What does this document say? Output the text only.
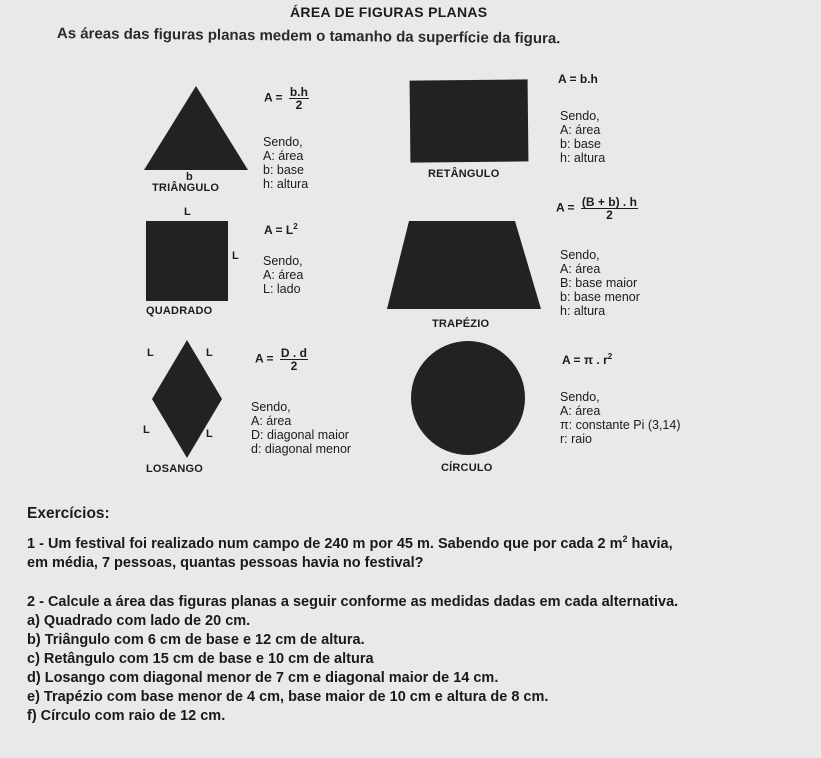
ÁREA DE FIGURAS PLANAS
As áreas das figuras planas medem o tamanho da superfície da figura.
b
TRIÂNGULO
$A = \frac{b.h}{2}$
Sendo,
A: área
b: base
h: altura
RETÂNGULO
A = b.h
Sendo,
A: área
b: base
h: altura
L
L
QUADRADO
$A = L^2$
Sendo,
A: área
L: lado
TRAPÉZIO
$A = \frac{(B + b) . h}{2}$
Sendo,
A: área
B: base maior
b: base menor
h: altura
L	L
L	L
LOSANGO
$A = \frac{D . d}{2}$
Sendo,
A: área
D: diagonal maior
d: diagonal menor
CÍRCULO
A = π . $r^2$
Sendo,
A: área
π: constante Pi (3,14)
r: raio
Exercícios:
1 - Um festival foi realizado num campo de 240 m por 45 m. Sabendo que por cada 2 $m^2$ havia,
em média, 7 pessoas, quantas pessoas havia no festival?
2 - Calcule a área das figuras planas a seguir conforme as medidas dadas em cada alternativa.
a) Quadrado com lado de 20 cm.
b) Triângulo com 6 cm de base e 12 cm de altura.
c) Retângulo com 15 cm de base e 10 cm de altura
d) Losango com diagonal menor de 7 cm e diagonal maior de 14 cm.
e) Trapézio com base menor de 4 cm, base maior de 10 cm e altura de 8 cm.
f) Círculo com raio de 12 cm.
